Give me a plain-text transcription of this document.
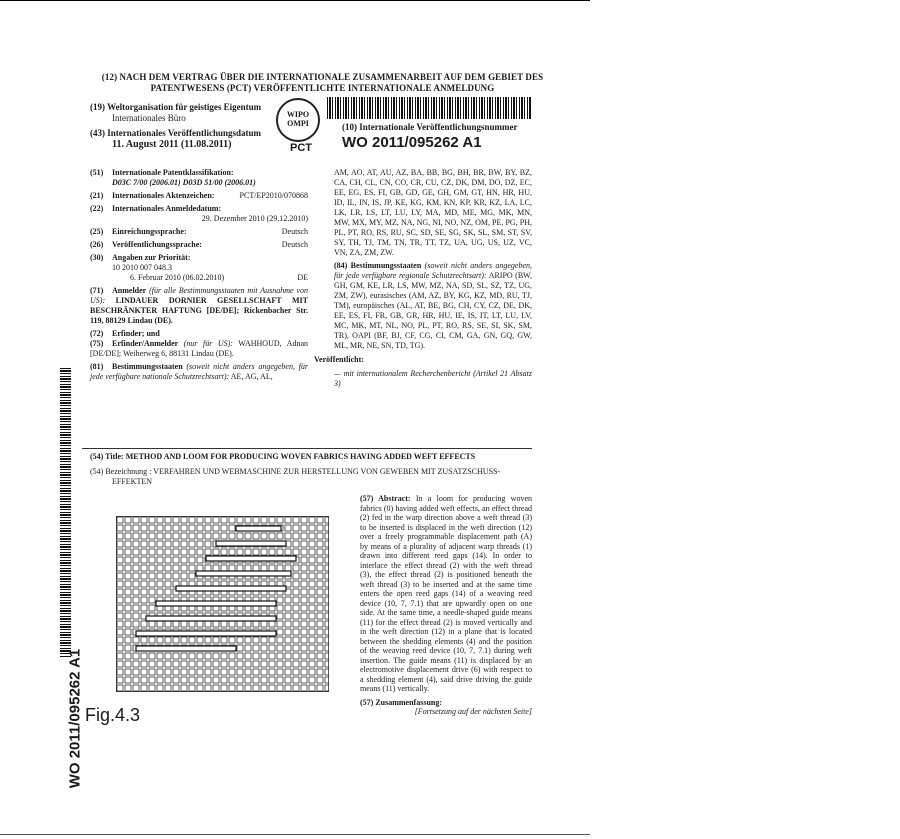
(12) NACH DEM VERTRAG ÜBER DIE INTERNATIONALE ZUSAMMENARBEIT AUF DEM GEBIET DES
PATENTWESENS (PCT) VERÖFFENTLICHTE INTERNATIONALE ANMELDUNG
(19) Weltorganisation für geistiges Eigentum
Internationales Büro	WIPO OMPI
PCT
(43) Internationales Veröffentlichungsdatum
11. August 2011 (11.08.2011)
(10) Internationale Veröffentlichungsnummer
WO 2011/095262 A1
(51) Internationale Patentklassifikation:
D03C 7/00 (2006.01) D03D 51/00 (2006.01)
(21) Internationales Aktenzeichen:	PCT/EP2010/070868
(22) Internationales Anmeldedatum:
29. Dezember 2010 (29.12.2010)
(25) Einreichungssprache:	Deutsch
(26) Veröffentlichungssprache:	Deutsch
(30) Angaben zur Priorität:
10 2010 007 048.3
6. Februar 2010 (06.02.2010)	DE
(71) Anmelder (für alle Bestimmungsstaaten mit Ausnahme von US): LINDAUER DORNIER GESELLSCHAFT MIT BESCHRÄNKTER HAFTUNG [DE/DE]; Rickenbacher Str. 119, 88129 Lindau (DE).
(72) Erfinder; und
(75) Erfinder/Anmelder (nur für US): WAHHOUD, Adnan [DE/DE]; Weiherweg 6, 88131 Lindau (DE).
(81) Bestimmungsstaaten (soweit nicht anders angegeben, für jede verfügbare nationale Schutzrechtsart): AE, AG, AL,
AM, AO, AT, AU, AZ, BA, BB, BG, BH, BR, BW, BY, BZ, CA, CH, CL, CN, CO, CR, CU, CZ, DK, DM, DO, DZ, EC, EE, EG, ES, FI, GB, GD, GE, GH, GM, GT, HN, HR, HU, ID, IL, IN, IS, JP, KE, KG, KM, KN, KP, KR, KZ, LA, LC, LK, LR, LS, LT, LU, LY, MA, MD, ME, MG, MK, MN, MW, MX, MY, MZ, NA, NG, NI, NO, NZ, OM, PE, PG, PH, PL, PT, RO, RS, RU, SC, SD, SE, SG, SK, SL, SM, ST, SV, SY, TH, TJ, TM, TN, TR, TT, TZ, UA, UG, US, UZ, VC, VN, ZA, ZM, ZW.
(84) Bestimmungsstaaten (soweit nicht anders angegeben, für jede verfügbare regionale Schutzrechtsart): ARIPO (BW, GH, GM, KE, LR, LS, MW, MZ, NA, SD, SL, SZ, TZ, UG, ZM, ZW), eurasisches (AM, AZ, BY, KG, KZ, MD, RU, TJ, TM), europäisches (AL, AT, BE, BG, CH, CY, CZ, DE, DK, EE, ES, FI, FR, GB, GR, HR, HU, IE, IS, IT, LT, LU, LV, MC, MK, MT, NL, NO, PL, PT, RO, RS, SE, SI, SK, SM, TR), OAPI (BF, BJ, CF, CG, CI, CM, GA, GN, GQ, GW, ML, MR, NE, SN, TD, TG).
Veröffentlicht:
— mit internationalem Recherchenbericht (Artikel 21 Absatz 3)
WO 2011/095262 A1
(54) Title: METHOD AND LOOM FOR PRODUCING WOVEN FABRICS HAVING ADDED WEFT EFFECTS
(54) Bezeichnung : VERFAHREN UND WEBMASCHINE ZUR HERSTELLUNG VON GEWEBEN MIT ZUSATZSCHUSS-
EFFEKTEN
Fig.4.3
(57) Abstract: In a loom for producing woven fabrics (0) having added weft effects, an effect thread (2) fed in the warp direction above a weft thread (3) to be inserted is displaced in the weft direction (12) over a freely programmable displacement path (A) by means of a plurality of adjacent warp threads (1) drawn into different reed gaps (14). In order to interlace the effect thread (2) with the weft thread (3), the effect thread (2) is positioned beneath the weft thread (3) to be inserted and at the same time enters the open reed gaps (14) of a weaving reed device (10, 7, 7.1) that are upwardly open on one side. At the same time, a needle-shaped guide means (11) for the effect thread (2) is moved vertically and in the weft direction (12) in a plane that is located between the shedding elements (4) and the position of the weaving reed device (10, 7, 7.1) during weft insertion. The guide means (11) is displaced by an electromotive displacement drive (6) with respect to a shedding element (4), said drive driving the guide means (11) vertically.
(57) Zusammenfassung:
[Fortsetzung auf der nächsten Seite]
